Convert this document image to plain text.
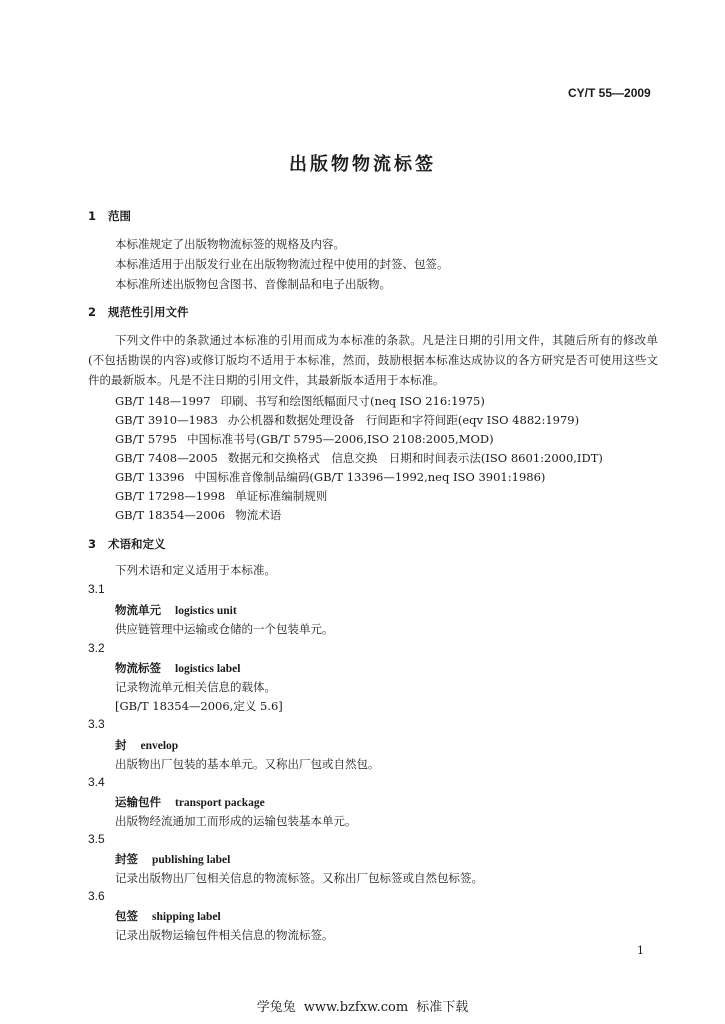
CY/T 55—2009
出版物物流标签
1 范围
本标准规定了出版物物流标签的规格及内容。
本标准适用于出版发行业在出版物物流过程中使用的封签、包签。
本标准所述出版物包含图书、音像制品和电子出版物。
2 规范性引用文件
下列文件中的条款通过本标准的引用而成为本标准的条款。凡是注日期的引用文件，其随后所有的修改单(不包括勘误的内容)或修订版均不适用于本标准，然而，鼓励根据本标准达成协议的各方研究是否可使用这些文件的最新版本。凡是不注日期的引用文件，其最新版本适用于本标准。
GB/T 148—1997 印刷、书写和绘图纸幅面尺寸(neq ISO 216:1975)
GB/T 3910—1983 办公机器和数据处理设备　行间距和字符间距(eqv ISO 4882:1979)
GB/T 5795 中国标准书号(GB/T 5795—2006,ISO 2108:2005,MOD)
GB/T 7408—2005 数据元和交换格式　信息交换　日期和时间表示法(ISO 8601:2000,IDT)
GB/T 13396 中国标准音像制品编码(GB/T 13396—1992,neq ISO 3901:1986)
GB/T 17298—1998 单证标准编制规则
GB/T 18354—2006 物流术语
3 术语和定义
下列术语和定义适用于本标准。
3.1
物流单元 logistics unit
供应链管理中运输或仓储的一个包装单元。
3.2
物流标签 logistics label
记录物流单元相关信息的载体。
[GB/T 18354—2006,定义 5.6]
3.3
封 envelop
出版物出厂包装的基本单元。又称出厂包或自然包。
3.4
运输包件 transport package
出版物经流通加工而形成的运输包装基本单元。
3.5
封签 publishing label
记录出版物出厂包相关信息的物流标签。又称出厂包标签或自然包标签。
3.6
包签 shipping label
记录出版物运输包件相关信息的物流标签。
1
学兔兔 www.bzfxw.com 标准下载
